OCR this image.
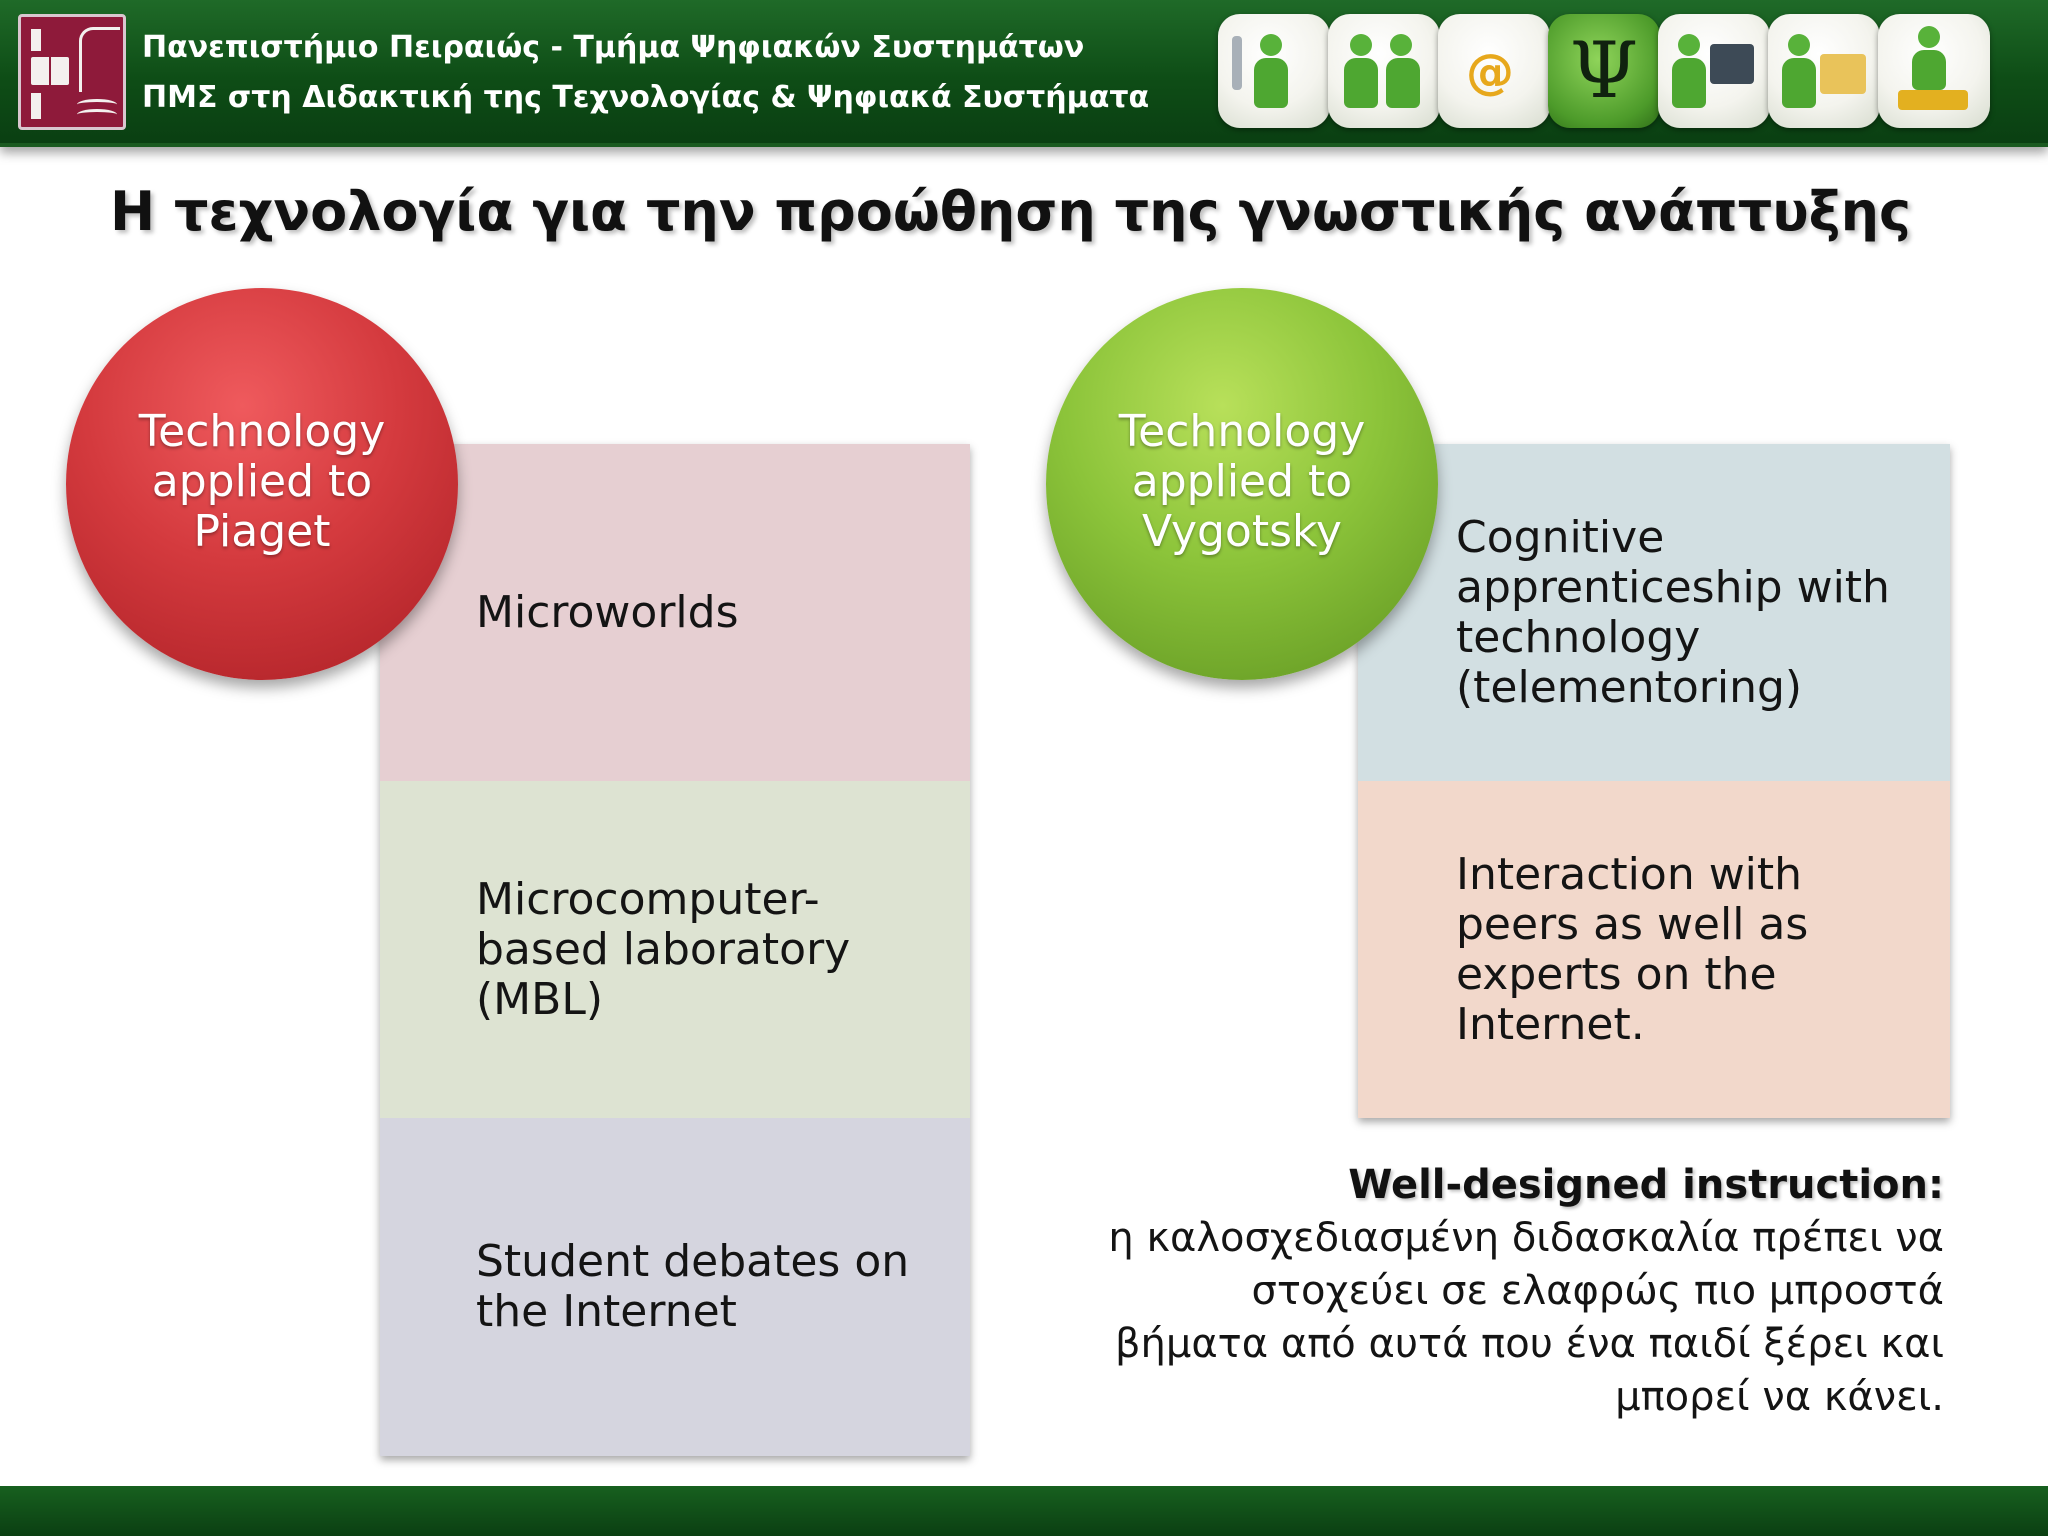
Πανεπιστήμιο Πειραιώς - Τμήμα Ψηφιακών Συστημάτων
ΠΜΣ στη Διδακτική της Τεχνολογίας & Ψηφιακά Συστήματα	@ Ψ
Η τεχνολογία για την προώθηση της γνωστικής ανάπτυξης
Microworlds
Microcomputer-based laboratory (MBL)
Student debates on the Internet
Technology applied to Piaget	Cognitive apprenticeship with technology (telementoring)
Interaction with peers as well as experts on the Internet.
Technology applied to Vygotsky
Well-designed instruction:
η καλοσχεδιασμένη διδασκαλία πρέπει να στοχεύει σε ελαφρώς πιο μπροστά βήματα από αυτά που ένα παιδί ξέρει και μπορεί να κάνει.
